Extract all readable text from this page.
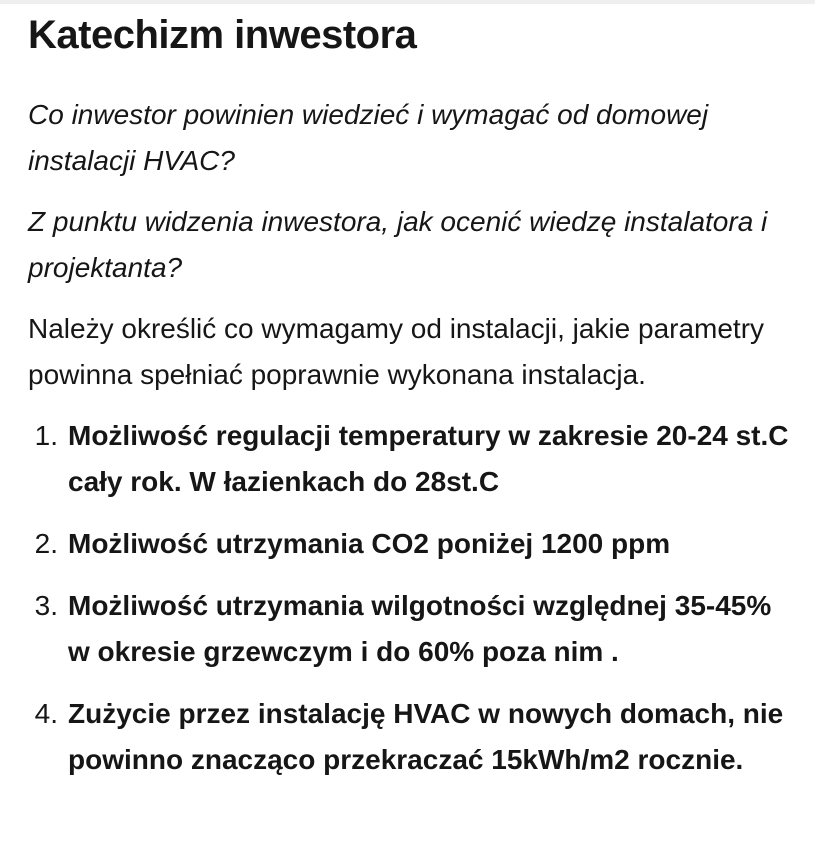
Katechizm inwestora

Co inwestor powinien wiedzieć i wymagać od domowej instalacji HVAC?

Z punktu widzenia inwestora, jak ocenić wiedzę instalatora i projektanta?

Należy określić co wymagamy od instalacji, jakie parametry powinna spełniać poprawnie wykonana instalacja.

1. Możliwość regulacji temperatury w zakresie 20-24 st.C cały rok. W łazienkach do 28st.C
2. Możliwość utrzymania CO2 poniżej 1200 ppm
3. Możliwość utrzymania wilgotności względnej 35-45% w okresie grzewczym i do 60% poza nim .
4. Zużycie przez instalację HVAC w nowych domach, nie powinno znacząco przekraczać 15kWh/m2 rocznie.
